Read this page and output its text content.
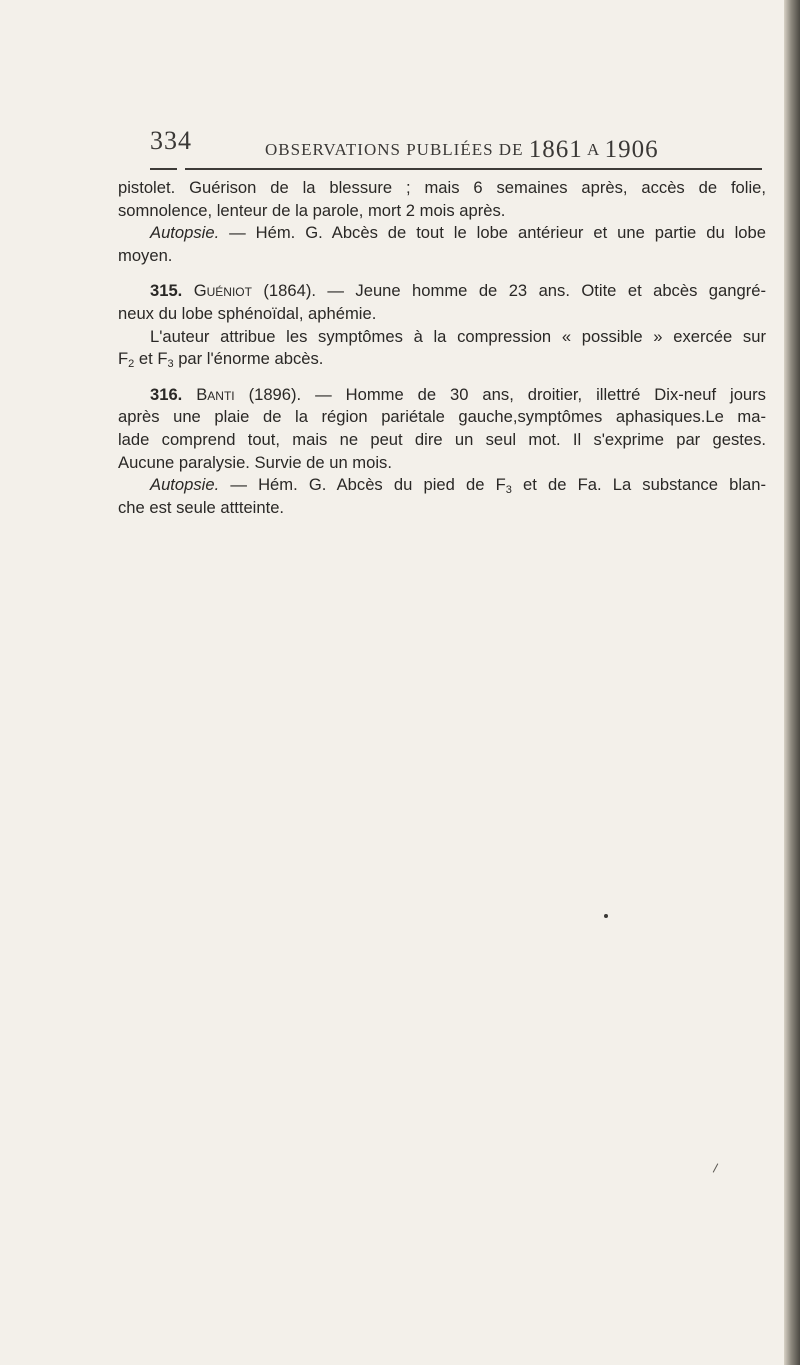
334	OBSERVATIONS PUBLIÉES DE 1861 A 1906
pistolet. Guérison de la blessure ; mais 6 semaines après, accès de folie,
somnolence, lenteur de la parole, mort 2 mois après.
Autopsie. — Hém. G. Abcès de tout le lobe antérieur et une partie du lobe
moyen.
315. Guéniot (1864). — Jeune homme de 23 ans. Otite et abcès gangré-
neux du lobe sphénoïdal, aphémie.
L'auteur attribue les symptômes à la compression « possible » exercée sur
$F_2$ et $F_3$ par l'énorme abcès.
316. Banti (1896). — Homme de 30 ans, droitier, illettré Dix-neuf jours
après une plaie de la région pariétale gauche,symptômes aphasiques.Le ma-
lade comprend tout, mais ne peut dire un seul mot. Il s'exprime par gestes.
Aucune paralysie. Survie de un mois.
Autopsie. — Hém. G. Abcès du pied de $F_3$ et de Fa. La substance blan-
che est seule attteinte.
